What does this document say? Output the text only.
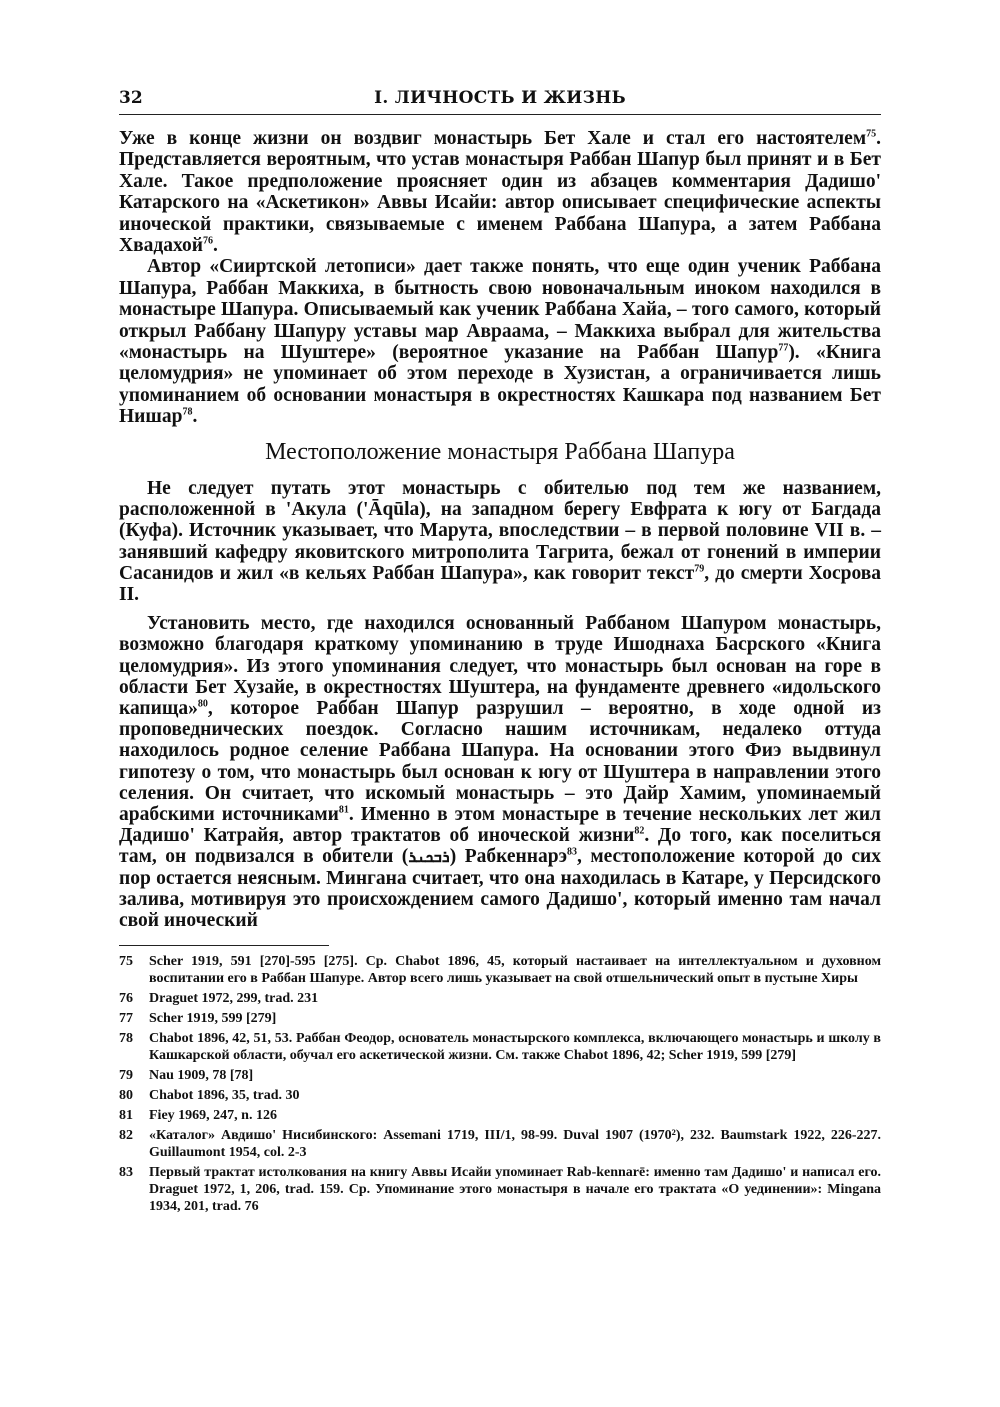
32	I. ЛИЧНОСТЬ И ЖИЗНЬ

Уже в конце жизни он воздвиг монастырь Бет Хале и стал его настоятелем$^{75}$. Представляется вероятным, что устав монастыря Раббан Шапур был принят и в Бет Хале. Такое предположение проясняет один из абзацев комментария Дадишо' Катарского на «Аскетикон» Аввы Исайи: автор описывает специфические аспекты иноческой практики, связываемые с именем Раббана Шапура, а затем Раббана Хвадахой$^{76}$.

Автор «Сииртской летописи» дает также понять, что еще один ученик Раббана Шапура, Раббан Маккиха, в бытность свою новоначальным иноком находился в монастыре Шапура. Описываемый как ученик Раббана Хайа, – того самого, который открыл Раббану Шапуру уставы мар Авраама, – Маккиха выбрал для жительства «монастырь на Шуштере» (вероятное указание на Раббан Шапур$^{77}$). «Книга целомудрия» не упоминает об этом переходе в Хузистан, а ограничивается лишь упоминанием об основании монастыря в окрестностях Кашкара под названием Бет Нишар$^{78}$.

Местоположение монастыря Раббана Шапура

Не следует путать этот монастырь с обителью под тем же названием, расположенной в 'Акула ('Āqūla), на западном берегу Евфрата к югу от Багдада (Куфа). Источник указывает, что Марута, впоследствии – в первой половине VII в. – занявший кафедру яковитского митрополита Тагрита, бежал от гонений в империи Сасанидов и жил «в кельях Раббан Шапура», как говорит текст$^{79}$, до смерти Хосрова II.

Установить место, где находился основанный Раббаном Шапуром монастырь, возможно благодаря краткому упоминанию в труде Ишоднаха Басрского «Книга целомудрия». Из этого упоминания следует, что монастырь был основан на горе в области Бет Хузайе, в окрестностях Шуштера, на фундаменте древнего «идольского капища»$^{80}$, которое Раббан Шапур разрушил – вероятно, в ходе одной из проповеднических поездок. Согласно нашим источникам, недалеко оттуда находилось родное селение Раббана Шапура. На основании этого Фиэ выдвинул гипотезу о том, что монастырь был основан к югу от Шуштера в направлении этого селения. Он считает, что искомый монастырь – это Дайр Хамим, упоминаемый арабскими источниками$^{81}$. Именно в этом монастыре в течение нескольких лет жил Дадишо' Катрайя, автор трактатов об иноческой жизни$^{82}$. До того, как поселиться там, он подвизался в обители (ܪܒܟܢܪ) Рабкеннарэ$^{83}$, местоположение которой до сих пор остается неясным. Мингана считает, что она находилась в Катаре, у Персидского залива, мотивируя это происхождением самого Дадишо', который именно там начал свой иноческий

75	Scher 1919, 591 [270]-595 [275]. Ср. Chabot 1896, 45, который настаивает на интеллектуальном и духовном воспитании его в Раббан Шапуре. Автор всего лишь указывает на свой отшельнический опыт в пустыне Хиры
76	Draguet 1972, 299, trad. 231
77	Scher 1919, 599 [279]
78	Chabot 1896, 42, 51, 53. Раббан Феодор, основатель монастырского комплекса, включающего монастырь и школу в Кашкарской области, обучал его аскетической жизни. См. также Chabot 1896, 42; Scher 1919, 599 [279]
79	Nau 1909, 78 [78]
80	Chabot 1896, 35, trad. 30
81	Fiey 1969, 247, n. 126
82	«Каталог» Авдишо' Нисибинского: Assemani 1719, III/1, 98-99. Duval 1907 (1970²), 232. Baumstark 1922, 226-227. Guillaumont 1954, col. 2-3
83	Первый трактат истолкования на книгу Аввы Исайи упоминает Rab-kennarē: именно там Дадишо' и написал его. Draguet 1972, 1, 206, trad. 159. Ср. Упоминание этого монастыря в начале его трактата «О уединении»: Mingana 1934, 201, trad. 76
